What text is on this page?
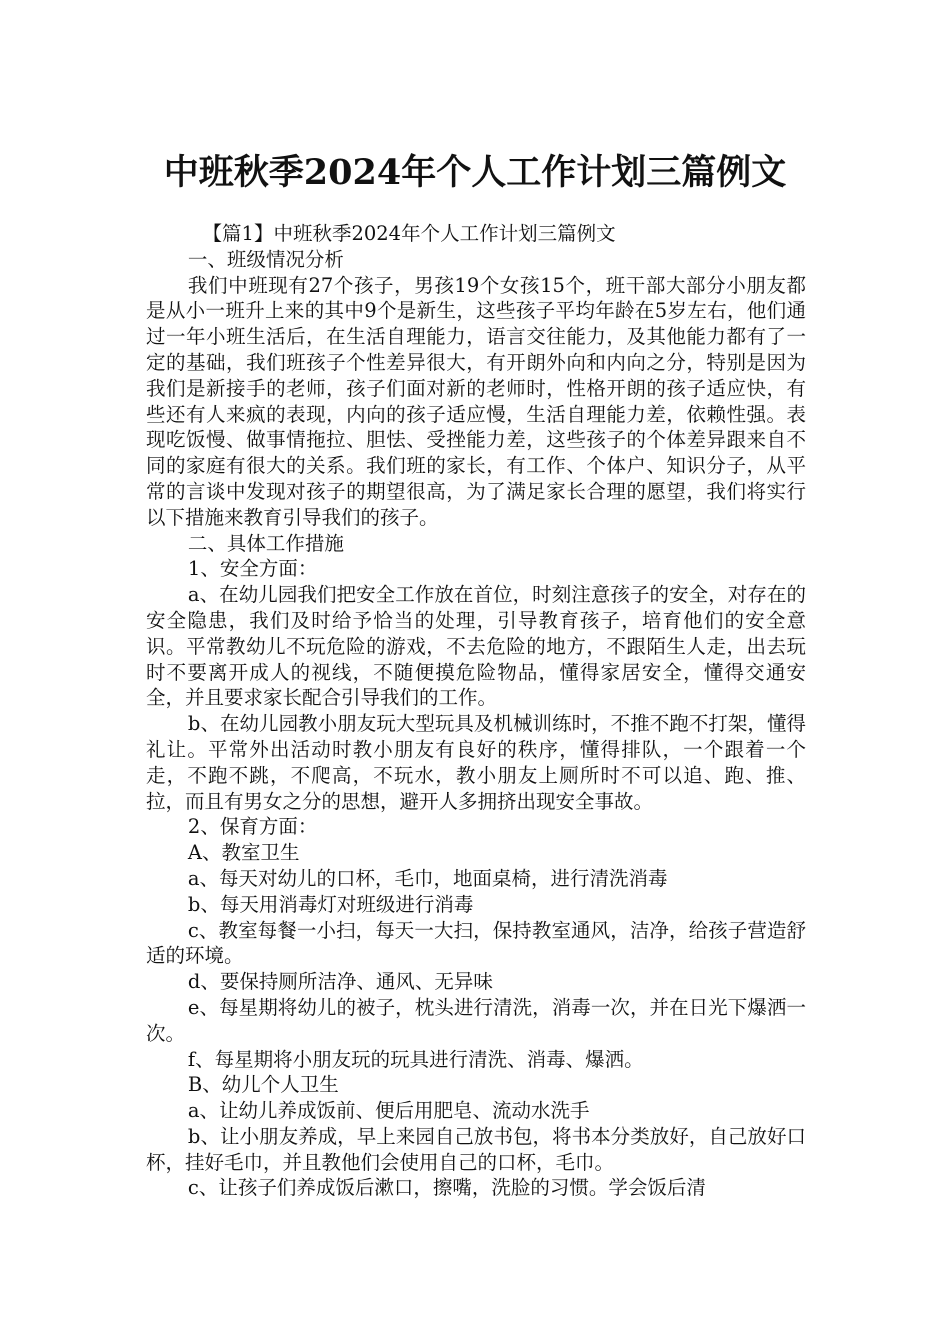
中班秋季2024年个人工作计划三篇例文

【篇1】中班秋季2024年个人工作计划三篇例文

一、班级情况分析

我们中班现有27个孩子，男孩19个女孩15个，班干部大部分小朋友都是从小一班升上来的其中9个是新生，这些孩子平均年龄在5岁左右，他们通过一年小班生活后，在生活自理能力，语言交往能力，及其他能力都有了一定的基础，我们班孩子个性差异很大，有开朗外向和内向之分，特别是因为我们是新接手的老师，孩子们面对新的老师时，性格开朗的孩子适应快，有些还有人来疯的表现，内向的孩子适应慢，生活自理能力差，依赖性强。表现吃饭慢、做事情拖拉、胆怯、受挫能力差，这些孩子的个体差异跟来自不同的家庭有很大的关系。我们班的家长，有工作、个体户、知识分子，从平常的言谈中发现对孩子的期望很高，为了满足家长合理的愿望，我们将实行以下措施来教育引导我们的孩子。

二、具体工作措施

1、安全方面：

a、在幼儿园我们把安全工作放在首位，时刻注意孩子的安全，对存在的安全隐患，我们及时给予恰当的处理，引导教育孩子，培育他们的安全意识。平常教幼儿不玩危险的游戏，不去危险的地方，不跟陌生人走，出去玩时不要离开成人的视线，不随便摸危险物品，懂得家居安全，懂得交通安全，并且要求家长配合引导我们的工作。

b、在幼儿园教小朋友玩大型玩具及机械训练时，不推不跑不打架，懂得礼让。平常外出活动时教小朋友有良好的秩序，懂得排队，一个跟着一个走，不跑不跳，不爬高，不玩水，教小朋友上厕所时不可以追、跑、推、拉，而且有男女之分的思想，避开人多拥挤出现安全事故。

2、保育方面：

A、教室卫生

a、每天对幼儿的口杯，毛巾，地面桌椅，进行清洗消毒

b、每天用消毒灯对班级进行消毒

c、教室每餐一小扫，每天一大扫，保持教室通风，洁净，给孩子营造舒适的环境。

d、要保持厕所洁净、通风、无异味

e、每星期将幼儿的被子，枕头进行清洗，消毒一次，并在日光下爆洒一次。

f、每星期将小朋友玩的玩具进行清洗、消毒、爆洒。

B、幼儿个人卫生

a、让幼儿养成饭前、便后用肥皂、流动水洗手

b、让小朋友养成，早上来园自己放书包，将书本分类放好，自己放好口杯，挂好毛巾，并且教他们会使用自己的口杯，毛巾。

c、让孩子们养成饭后漱口，擦嘴，洗脸的习惯。学会饭后清
